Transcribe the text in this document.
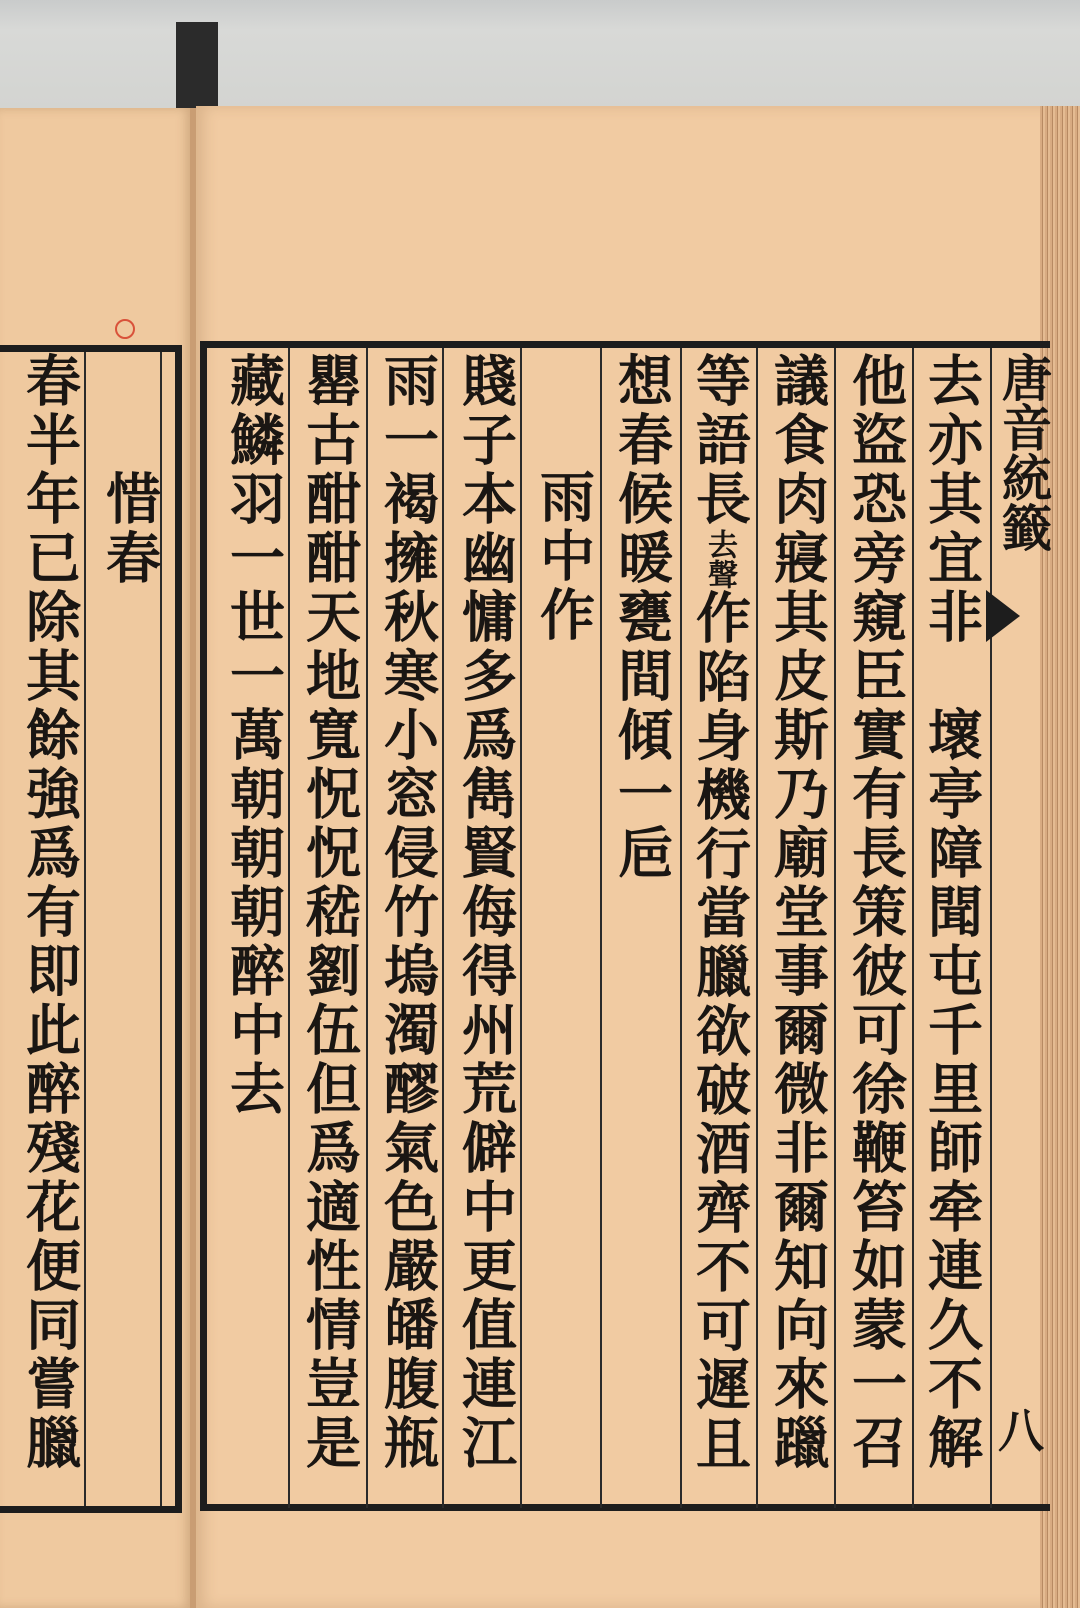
唐音統籤
八
去亦其宜非　壞亭障聞屯千里師牵連久不解
他盜恐旁窺臣實有長策彼可徐鞭笞如蒙一召
議食肉寢其皮斯乃廟堂事爾微非爾知向來躐
等語長去聲作陷身機行當臘欲破酒齊不可遲且
想春候暖甕間傾一巵
雨中作
賤子本幽慵多爲雋賢侮得州荒僻中更值連江
雨一褐擁秋寒小窓侵竹塢濁醪氣色嚴皤腹瓶
罌古酣酣天地寬怳怳嵇劉伍但爲適性情豈是
藏鱗羽一世一萬朝朝朝醉中去
惜春
春半年已除其餘強爲有即此醉殘花便同嘗臘
